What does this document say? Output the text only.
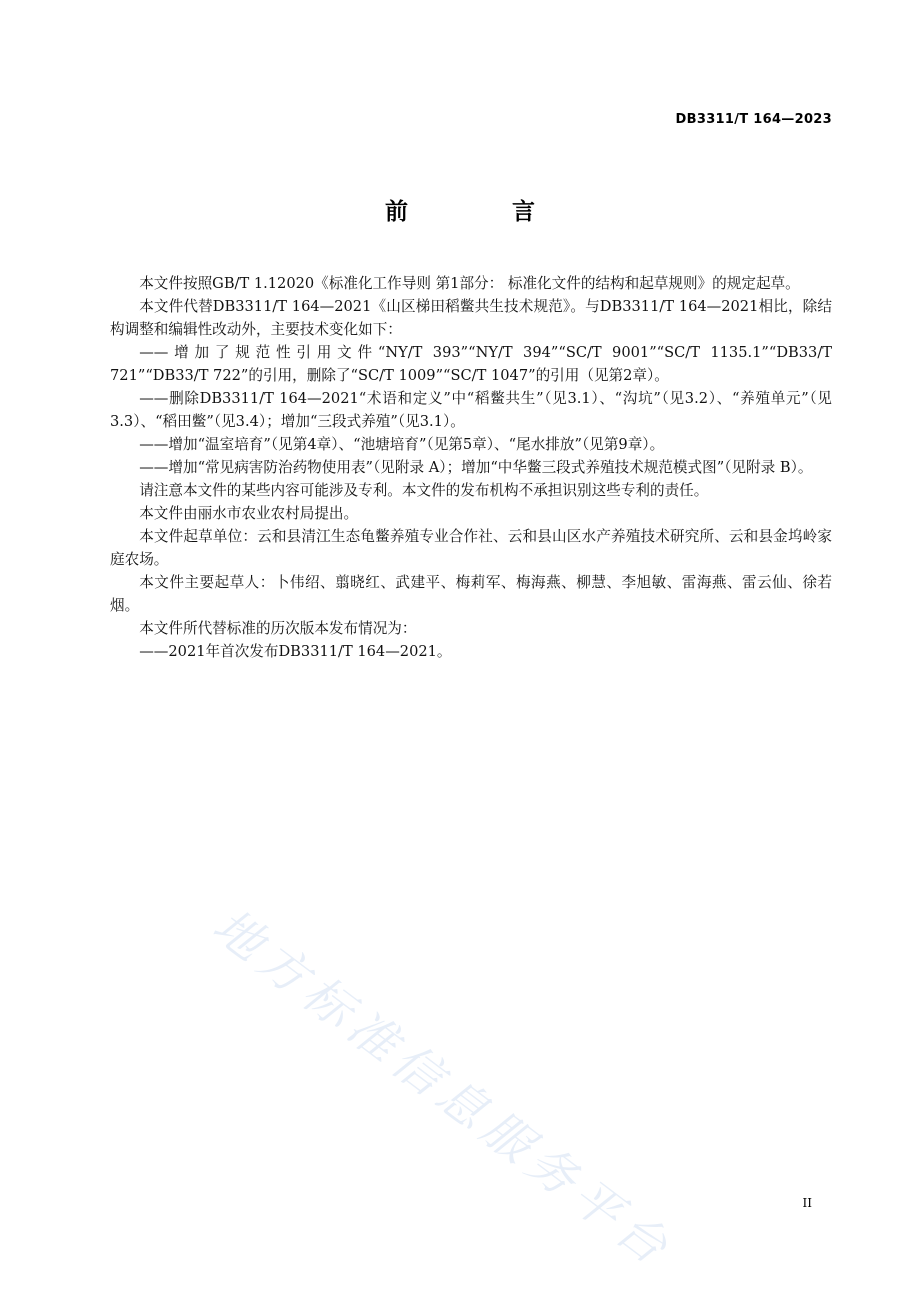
DB3311/T 164—2023
前 言

本文件按照GB/T 1.12020《标准化工作导则 第1部分： 标准化文件的结构和起草规则》的规定起草。

本文件代替DB3311/T 164—2021《山区梯田稻鳖共生技术规范》。与DB3311/T 164—2021相比，除结构调整和编辑性改动外，主要技术变化如下：

——增加了规范性引用文件“NY/T 393”“NY/T 394”“SC/T 9001”“SC/T 1135.1”“DB33/T 721”“DB33/T 722”的引用，删除了“SC/T 1009”“SC/T 1047”的引用（见第2章）。

——删除DB3311/T 164—2021“术语和定义”中“稻鳖共生”（见3.1）、“沟坑”（见3.2）、“养殖单元”（见3.3）、“稻田鳖”（见3.4）；增加“三段式养殖”（见3.1）。

——增加“温室培育”（见第4章）、“池塘培育”（见第5章）、“尾水排放”（见第9章）。

——增加“常见病害防治药物使用表”（见附录 A）；增加“中华鳖三段式养殖技术规范模式图”（见附录 B）。

请注意本文件的某些内容可能涉及专利。本文件的发布机构不承担识别这些专利的责任。

本文件由丽水市农业农村局提出。

本文件起草单位：云和县清江生态龟鳖养殖专业合作社、云和县山区水产养殖技术研究所、云和县金坞岭家庭农场。

本文件主要起草人：卜伟绍、翦晓红、武建平、梅莉军、梅海燕、柳慧、李旭敏、雷海燕、雷云仙、徐若烟。

本文件所代替标准的历次版本发布情况为：

——2021年首次发布DB3311/T 164—2021。

地方标准信息服务平台	II
